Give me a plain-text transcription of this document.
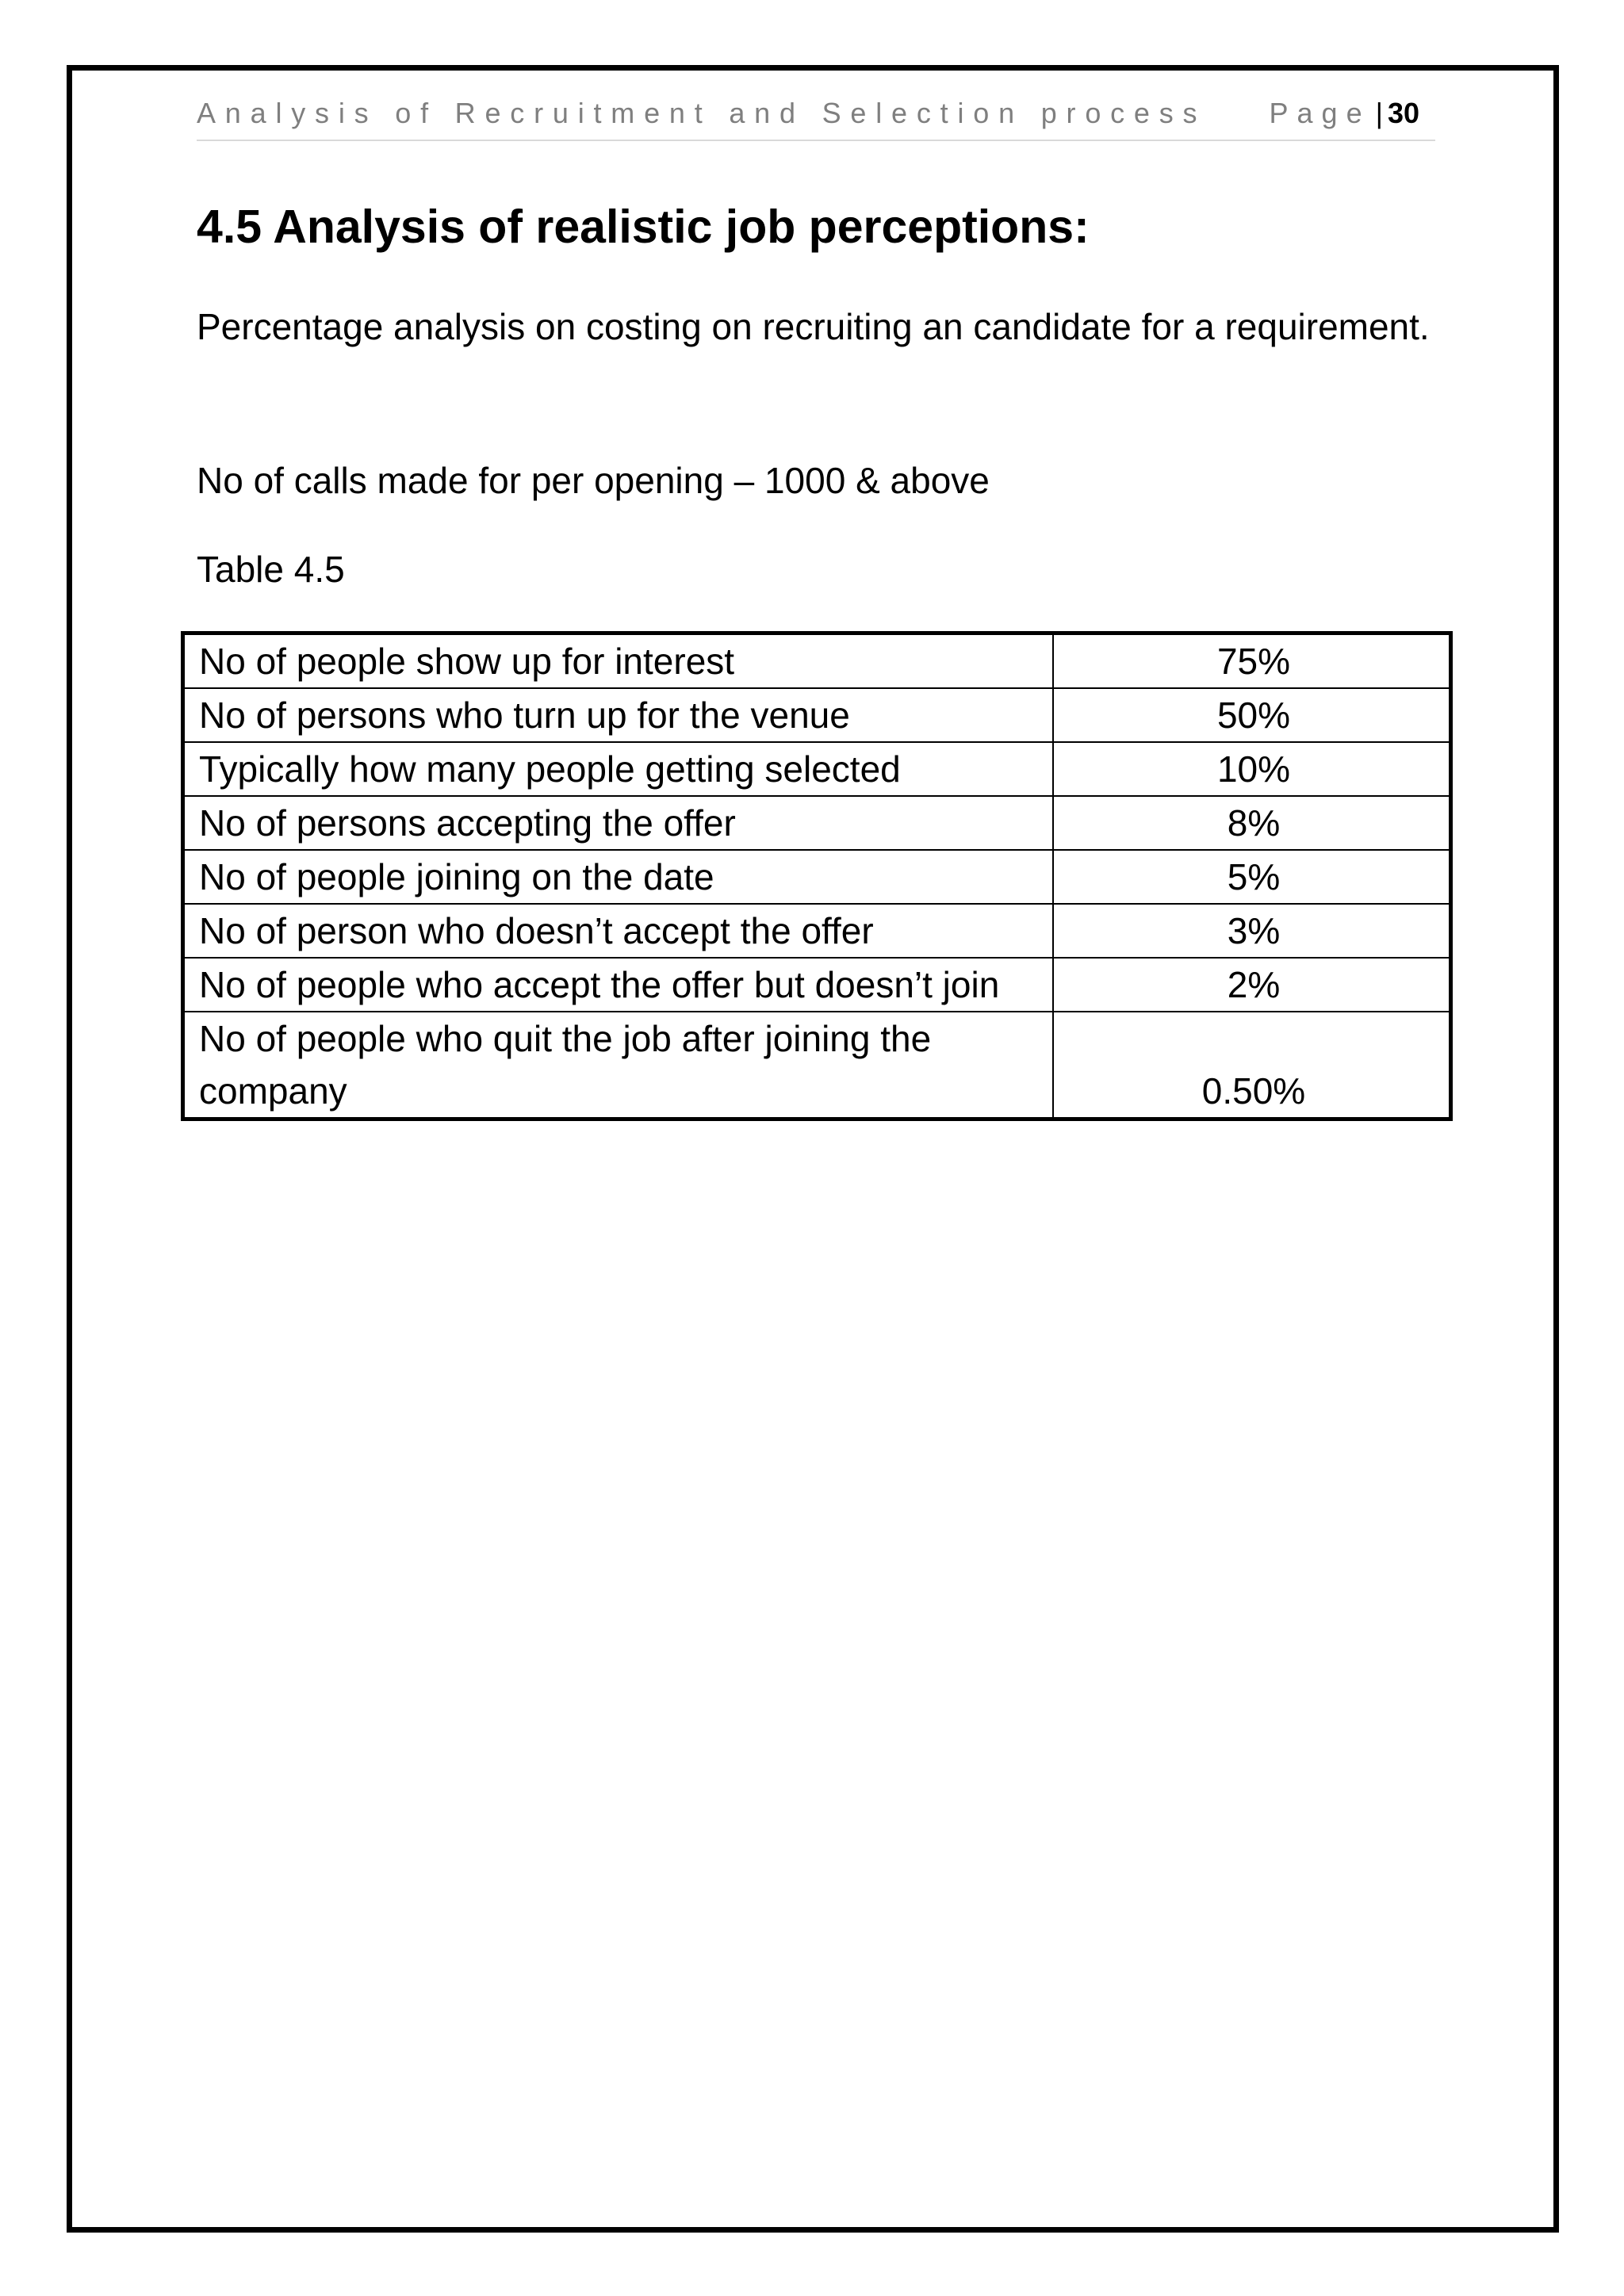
Analysis of Recruitment and Selection process Page | 30
4.5 Analysis of realistic job perceptions:

Percentage analysis on costing on recruiting an candidate for a requirement.

No of calls made for per opening – 1000 & above

Table 4.5

No of people show up for interest	75%
No of persons who turn up for the venue	50%
Typically how many people getting selected	10%
No of persons accepting the offer	8%
No of people joining on the date	5%
No of person who doesn’t accept the offer	3%
No of people who accept the offer but doesn’t join	2%
No of people who quit the job after joining the company	0.50%
